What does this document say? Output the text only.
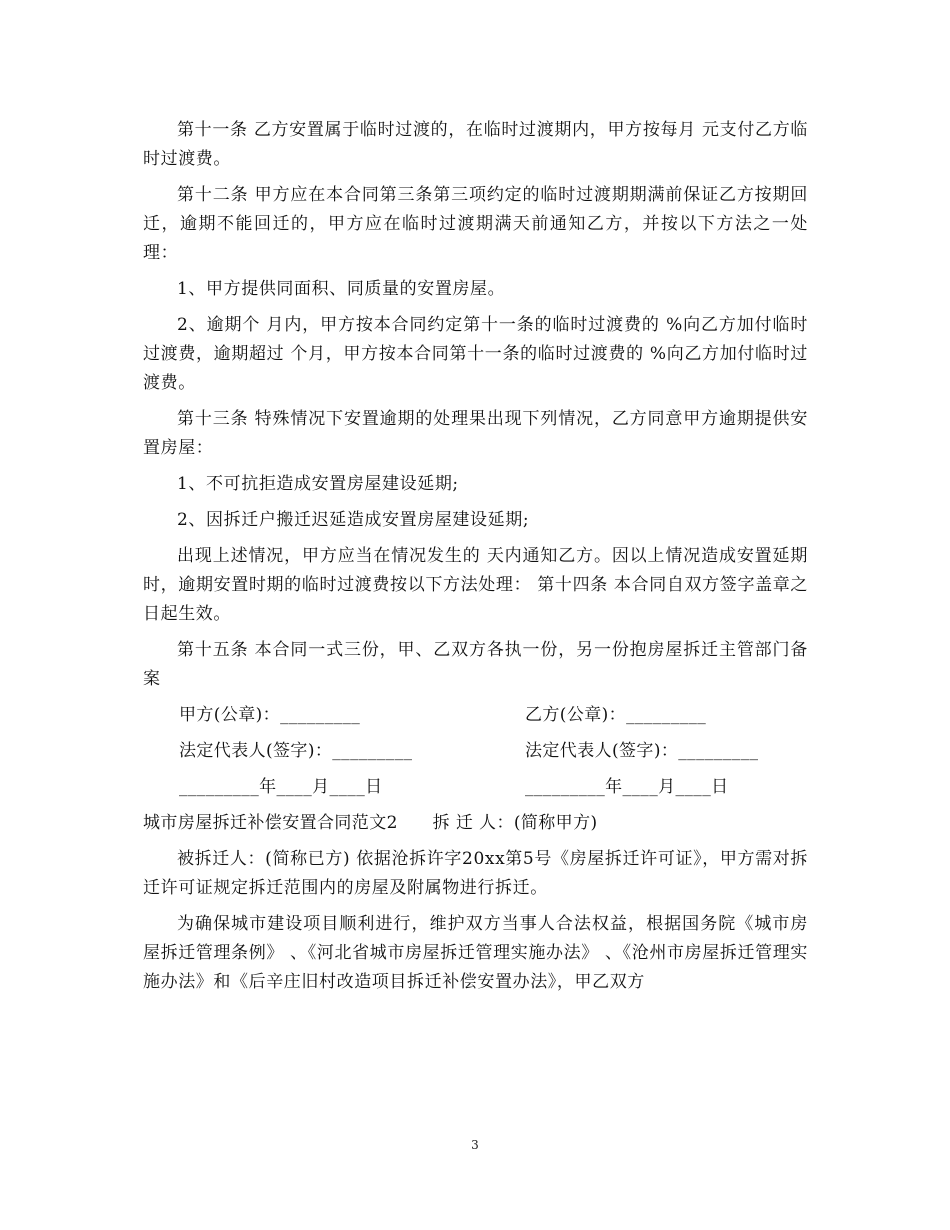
第十一条 乙方安置属于临时过渡的，在临时过渡期内，甲方按每月 元支付乙方临时过渡费。

第十二条 甲方应在本合同第三条第三项约定的临时过渡期期满前保证乙方按期回迁，逾期不能回迁的，甲方应在临时过渡期满天前通知乙方，并按以下方法之一处理：

1、甲方提供同面积、同质量的安置房屋。

2、逾期个 月内，甲方按本合同约定第十一条的临时过渡费的 %向乙方加付临时过渡费，逾期超过 个月，甲方按本合同第十一条的临时过渡费的 %向乙方加付临时过渡费。

第十三条 特殊情况下安置逾期的处理果出现下列情况，乙方同意甲方逾期提供安置房屋：

1、不可抗拒造成安置房屋建设延期;

2、因拆迁户搬迁迟延造成安置房屋建设延期;

出现上述情况，甲方应当在情况发生的 天内通知乙方。因以上情况造成安置延期时，逾期安置时期的临时过渡费按以下方法处理： 第十四条 本合同自双方签字盖章之日起生效。

第十五条 本合同一式三份，甲、乙双方各执一份，另一份抱房屋拆迁主管部门备案

甲方(公章)：_________	乙方(公章)：_________
法定代表人(签字)：_________	法定代表人(签字)：_________
_________年____月____日	_________年____月____日
城市房屋拆迁补偿安置合同范文2      拆 迁 人：(简称甲方)

被拆迁人：(简称已方) 依据沧拆许字20xx第5号《房屋拆迁许可证》，甲方需对拆迁许可证规定拆迁范围内的房屋及附属物进行拆迁。

为确保城市建设项目顺利进行，维护双方当事人合法权益，根据国务院《城市房屋拆迁管理条例》 、《河北省城市房屋拆迁管理实施办法》 、《沧州市房屋拆迁管理实施办法》和《后辛庄旧村改造项目拆迁补偿安置办法》，甲乙双方

3
